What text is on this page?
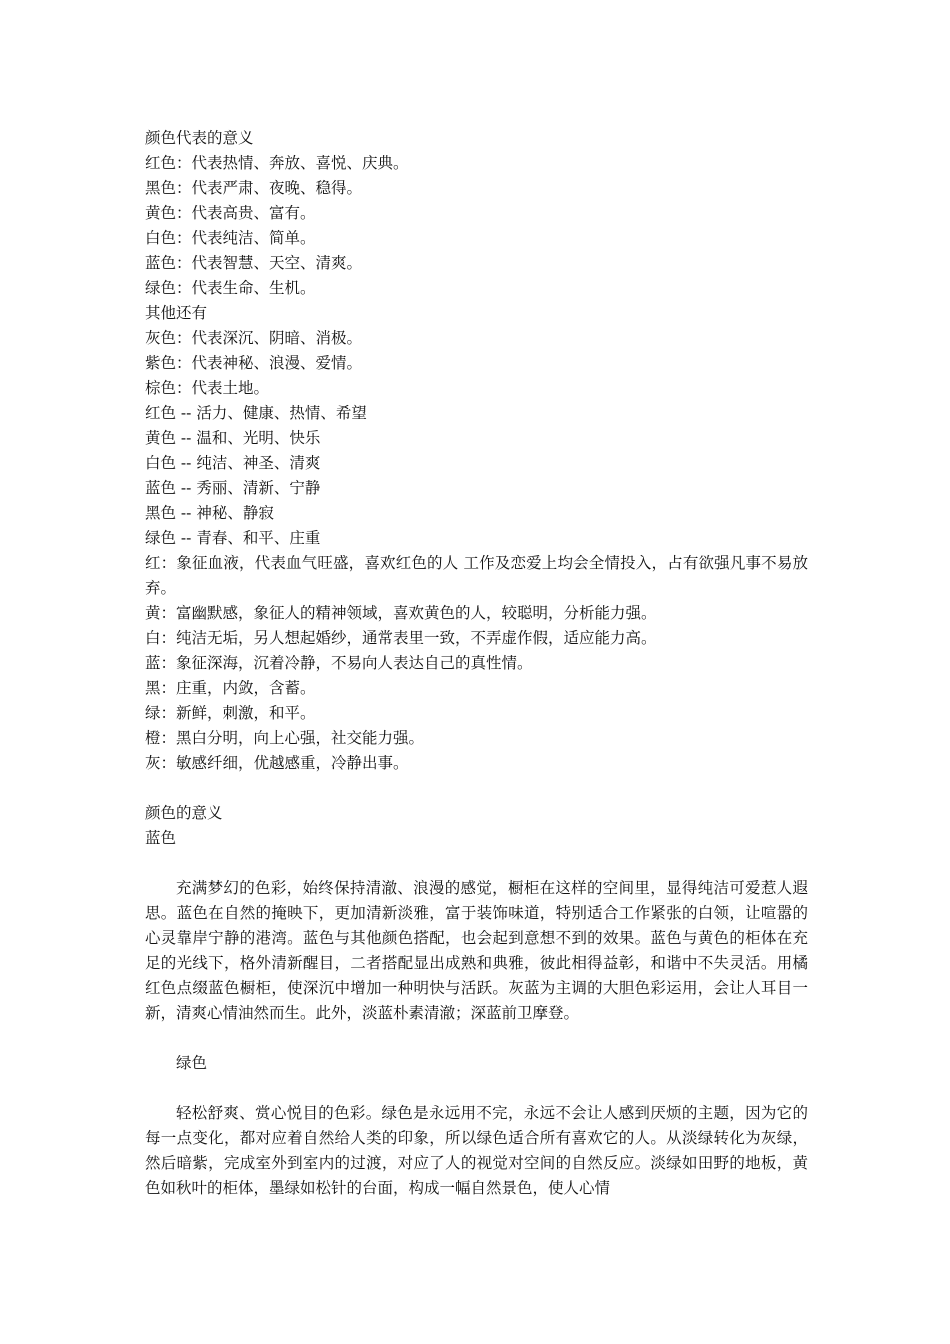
颜色代表的意义
红色：代表热情、奔放、喜悦、庆典。
黑色：代表严肃、夜晚、稳得。
黄色：代表高贵、富有。
白色：代表纯洁、简单。
蓝色：代表智慧、天空、清爽。
绿色：代表生命、生机。
其他还有
灰色：代表深沉、阴暗、消极。
紫色：代表神秘、浪漫、爱情。
棕色：代表土地。
红色 -- 活力、健康、热情、希望
黄色 -- 温和、光明、快乐
白色 -- 纯洁、神圣、清爽
蓝色 -- 秀丽、清新、宁静
黑色 -- 神秘、静寂
绿色 -- 青春、和平、庄重
红：象征血液，代表血气旺盛，喜欢红色的人 工作及恋爱上均会全情投入，占有欲强凡事不易放弃。
黄：富幽默感，象征人的精神领域，喜欢黄色的人，较聪明，分析能力强。
白：纯洁无垢，另人想起婚纱，通常表里一致，不弄虚作假，适应能力高。
蓝：象征深海，沉着冷静，不易向人表达自己的真性情。
黑：庄重，内敛，含蓄。
绿：新鲜，刺激，和平。
橙：黑白分明，向上心强，社交能力强。
灰：敏感纤细，优越感重，冷静出事。
颜色的意义
蓝色
充满梦幻的色彩，始终保持清澈、浪漫的感觉，橱柜在这样的空间里，显得纯洁可爱惹人遐思。蓝色在自然的掩映下，更加清新淡雅，富于装饰味道，特别适合工作紧张的白领，让喧嚣的心灵靠岸宁静的港湾。蓝色与其他颜色搭配，也会起到意想不到的效果。蓝色与黄色的柜体在充足的光线下，格外清新醒目，二者搭配显出成熟和典雅，彼此相得益彰，和谐中不失灵活。用橘红色点缀蓝色橱柜，使深沉中增加一种明快与活跃。灰蓝为主调的大胆色彩运用，会让人耳目一新，清爽心情油然而生。此外，淡蓝朴素清澈；深蓝前卫摩登。
绿色
轻松舒爽、赏心悦目的色彩。绿色是永远用不完，永远不会让人感到厌烦的主题，因为它的每一点变化，都对应着自然给人类的印象，所以绿色适合所有喜欢它的人。从淡绿转化为灰绿，然后暗紫，完成室外到室内的过渡，对应了人的视觉对空间的自然反应。淡绿如田野的地板，黄色如秋叶的柜体，墨绿如松针的台面，构成一幅自然景色，使人心情
